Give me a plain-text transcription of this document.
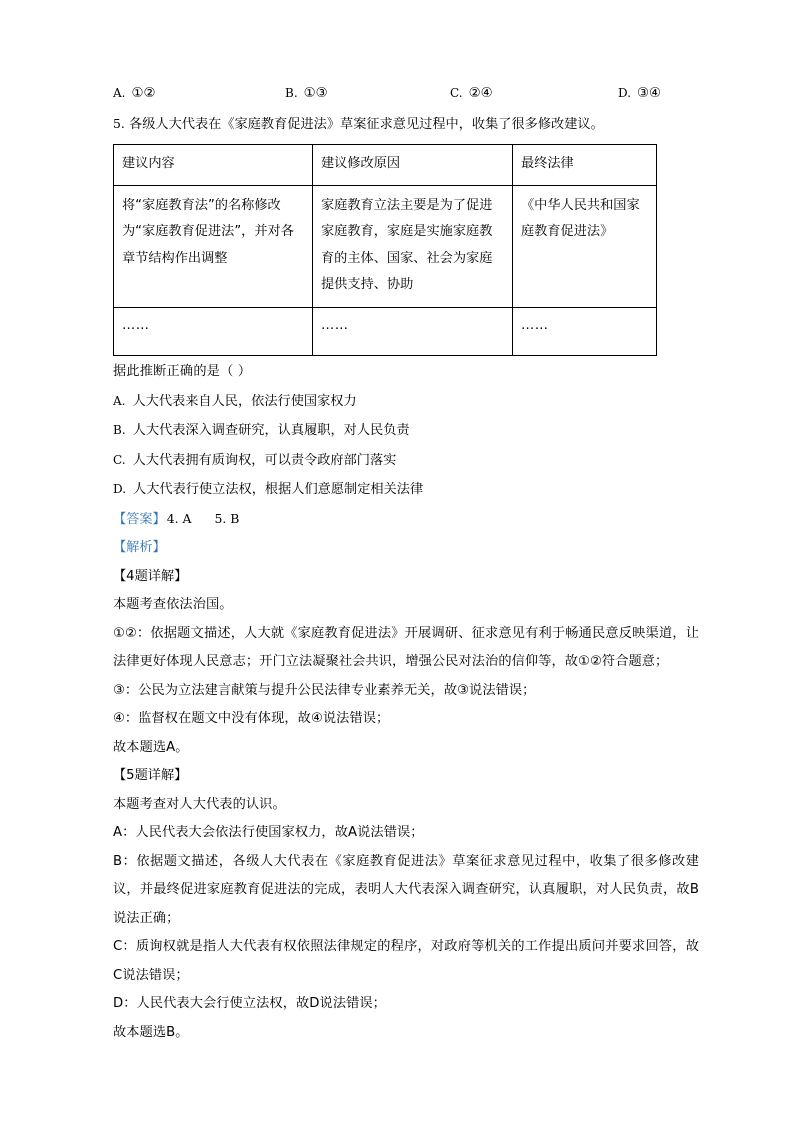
A. ①②	B. ①③	C. ②④	D. ③④
5. 各级人大代表在《家庭教育促进法》草案征求意见过程中，收集了很多修改建议。
建议内容	建议修改原因	最终法律
将“家庭教育法”的名称修改为“家庭教育促进法”，并对各章节结构作出调整	家庭教育立法主要是为了促进家庭教育，家庭是实施家庭教育的主体、国家、社会为家庭提供支持、协助	《中华人民共和国家庭教育促进法》
……	……	……
据此推断正确的是（ ）
A. 人大代表来自人民，依法行使国家权力
B. 人大代表深入调查研究，认真履职，对人民负责
C. 人大代表拥有质询权，可以责令政府部门落实
D. 人大代表行使立法权，根据人们意愿制定相关法律
【答案】4. A 5. B
【解析】
【4题详解】
本题考查依法治国。
①②：依据题文描述，人大就《家庭教育促进法》开展调研、征求意见有利于畅通民意反映渠道，让法律更好体现人民意志；开门立法凝聚社会共识，增强公民对法治的信仰等，故①②符合题意；
③：公民为立法建言献策与提升公民法律专业素养无关，故③说法错误；
④：监督权在题文中没有体现，故④说法错误；
故本题选A。
【5题详解】
本题考查对人大代表的认识。
A：人民代表大会依法行使国家权力，故A说法错误；
B：依据题文描述，各级人大代表在《家庭教育促进法》草案征求意见过程中，收集了很多修改建议，并最终促进家庭教育促进法的完成，表明人大代表深入调查研究，认真履职，对人民负责，故B说法正确；
C：质询权就是指人大代表有权依照法律规定的程序，对政府等机关的工作提出质问并要求回答，故C说法错误；
D：人民代表大会行使立法权，故D说法错误；
故本题选B。
